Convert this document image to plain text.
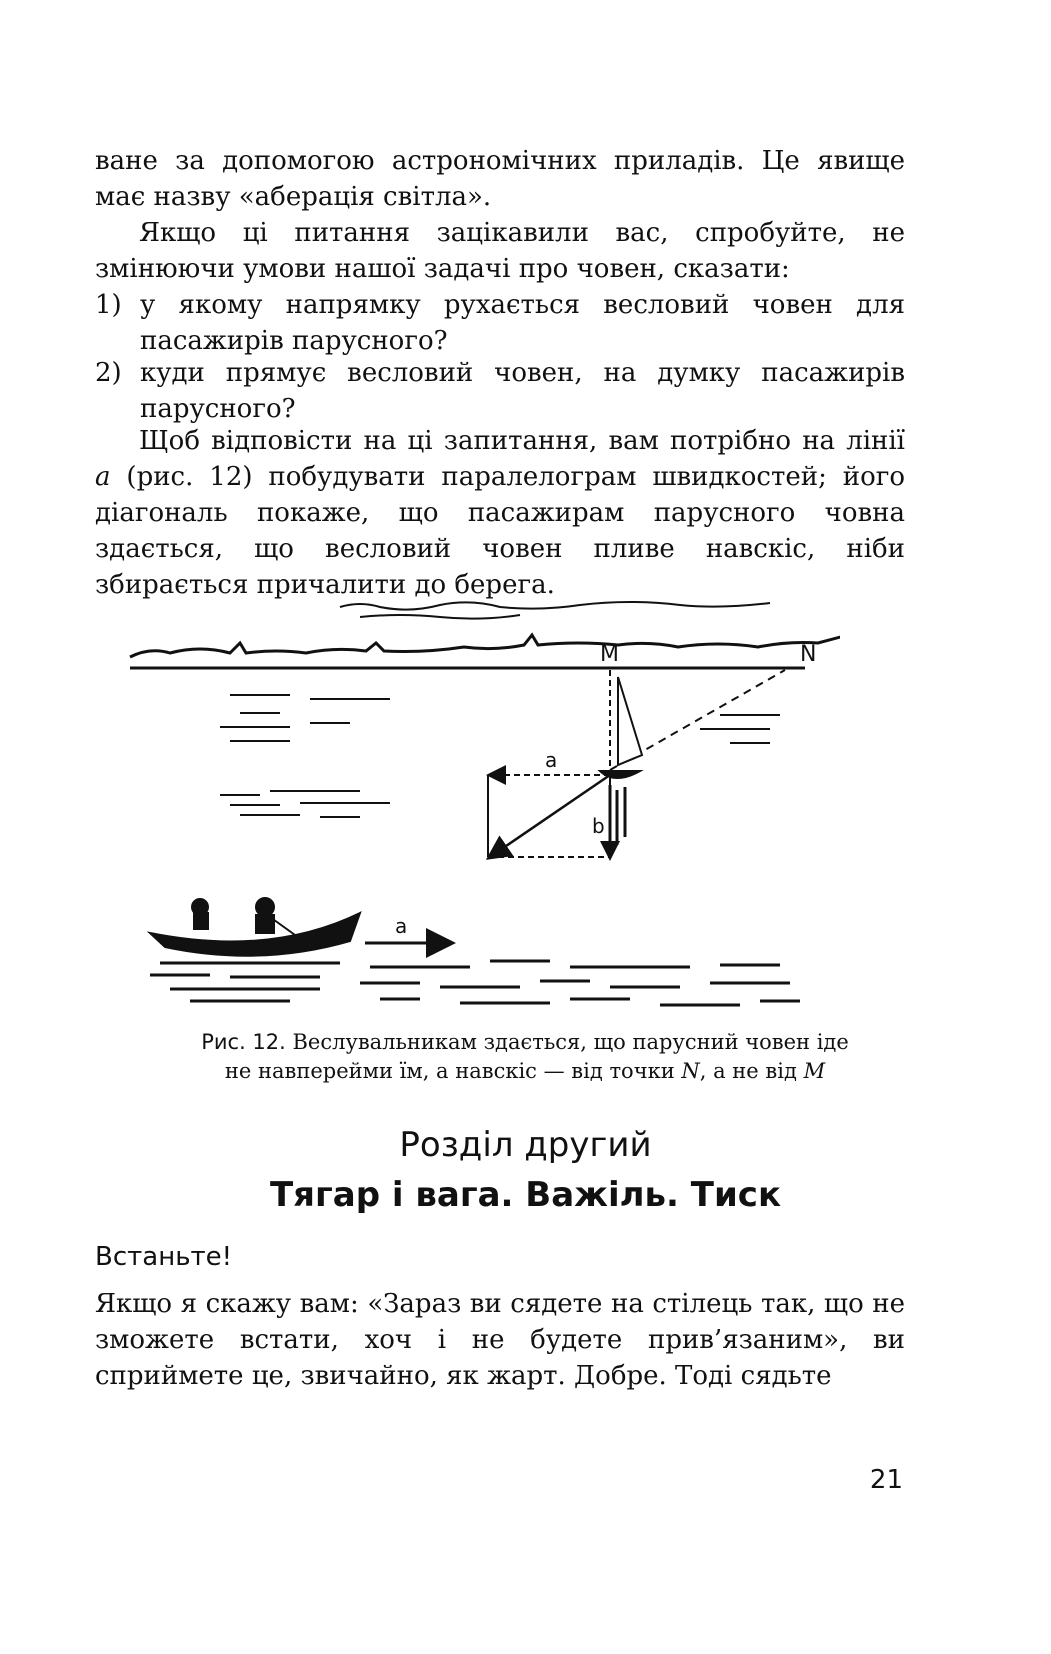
ване за допомогою астрономічних приладів. Це явище має назву «аберація світла».
Якщо ці питання зацікавили вас, спробуйте, не змінюючи умови нашої задачі про човен, сказати:
1) у якому напрямку рухається весловий човен для пасажирів парусного?
2) куди прямує весловий човен, на думку пасажирів парусного?
Щоб відповісти на ці запитання, вам потрібно на лінії a (рис. 12) побудувати паралелограм швидкостей; його діагональ покаже, що пасажирам парусного човна здається, що весловий човен пливе навскіс, ніби збирається причалити до берега.
M	N
a
b
a
Рис. 12. Веслувальникам здається, що парусний човен іде
не навперейми їм, а навскіс — від точки N, а не від M
Розділ другий
Тягар і вага. Важіль. Тиск
Встаньте!
Якщо я скажу вам: «Зараз ви сядете на стілець так, що не зможете встати, хоч і не будете прив’язаним», ви сприймете це, звичайно, як жарт. Добре. Тоді сядьте
21
